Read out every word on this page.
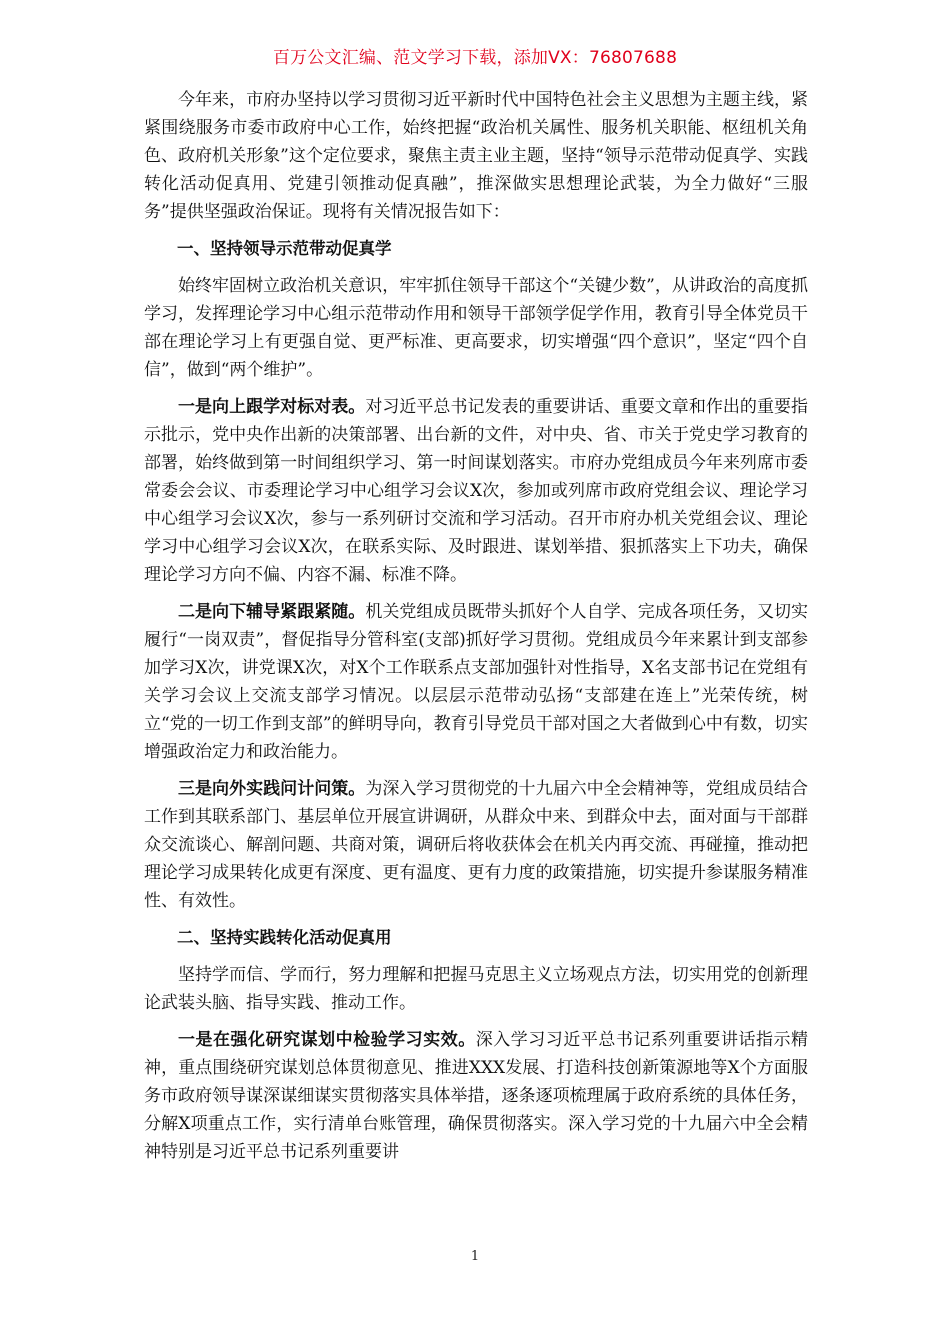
百万公文汇编、范文学习下载，添加VX：76807688

今年来，市府办坚持以学习贯彻习近平新时代中国特色社会主义思想为主题主线，紧紧围绕服务市委市政府中心工作，始终把握“政治机关属性、服务机关职能、枢纽机关角色、政府机关形象”这个定位要求，聚焦主责主业主题，坚持“领导示范带动促真学、实践转化活动促真用、党建引领推动促真融”，推深做实思想理论武装，为全力做好“三服务”提供坚强政治保证。现将有关情况报告如下：

一、坚持领导示范带动促真学

始终牢固树立政治机关意识，牢牢抓住领导干部这个“关键少数”，从讲政治的高度抓学习，发挥理论学习中心组示范带动作用和领导干部领学促学作用，教育引导全体党员干部在理论学习上有更强自觉、更严标准、更高要求，切实增强“四个意识”，坚定“四个自信”，做到“两个维护”。

一是向上跟学对标对表。对习近平总书记发表的重要讲话、重要文章和作出的重要指示批示，党中央作出新的决策部署、出台新的文件，对中央、省、市关于党史学习教育的部署，始终做到第一时间组织学习、第一时间谋划落实。市府办党组成员今年来列席市委常委会会议、市委理论学习中心组学习会议X次，参加或列席市政府党组会议、理论学习中心组学习会议X次，参与一系列研讨交流和学习活动。召开市府办机关党组会议、理论学习中心组学习会议X次，在联系实际、及时跟进、谋划举措、狠抓落实上下功夫，确保理论学习方向不偏、内容不漏、标准不降。

二是向下辅导紧跟紧随。机关党组成员既带头抓好个人自学、完成各项任务，又切实履行“一岗双责”，督促指导分管科室(支部)抓好学习贯彻。党组成员今年来累计到支部参加学习X次，讲党课X次，对X个工作联系点支部加强针对性指导，X名支部书记在党组有关学习会议上交流支部学习情况。以层层示范带动弘扬“支部建在连上”光荣传统，树立“党的一切工作到支部”的鲜明导向，教育引导党员干部对国之大者做到心中有数，切实增强政治定力和政治能力。

三是向外实践问计问策。为深入学习贯彻党的十九届六中全会精神等，党组成员结合工作到其联系部门、基层单位开展宣讲调研，从群众中来、到群众中去，面对面与干部群众交流谈心、解剖问题、共商对策，调研后将收获体会在机关内再交流、再碰撞，推动把理论学习成果转化成更有深度、更有温度、更有力度的政策措施，切实提升参谋服务精准性、有效性。

二、坚持实践转化活动促真用

坚持学而信、学而行，努力理解和把握马克思主义立场观点方法，切实用党的创新理论武装头脑、指导实践、推动工作。

一是在强化研究谋划中检验学习实效。深入学习习近平总书记系列重要讲话指示精神，重点围绕研究谋划总体贯彻意见、推进XXX发展、打造科技创新策源地等X个方面服务市政府领导谋深谋细谋实贯彻落实具体举措，逐条逐项梳理属于政府系统的具体任务，分解X项重点工作，实行清单台账管理，确保贯彻落实。深入学习党的十九届六中全会精神特别是习近平总书记系列重要讲

1
